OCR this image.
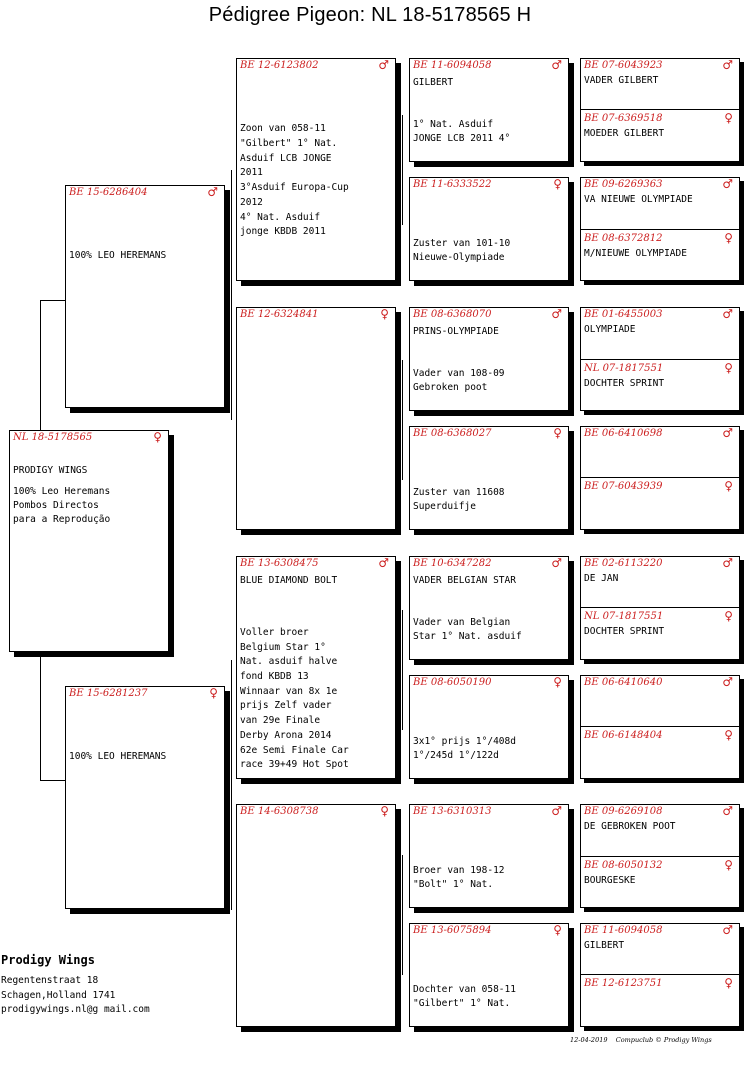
Pédigree Pigeon: NL 18-5178565 H
NL 18-5178565	♀
PRODIGY WINGS
100% Leo Heremans
Pombos Directos
para a Reprodução
BE 15-6286404	♂
100% LEO HEREMANS
BE 15-6281237	♀
100% LEO HEREMANS
BE 12-6123802	♂
Zoon van 058-11
"Gilbert" 1° Nat.
Asduif LCB JONGE
2011
3°Asduif Europa-Cup
2012
4° Nat. Asduif
jonge KBDB 2011
BE 12-6324841	♀
BE 13-6308475	♂
BLUE DIAMOND BOLT
Voller broer
Belgium Star 1°
Nat. asduif halve
fond KBDB 13
Winnaar van 8x 1e
prijs Zelf vader
van 29e Finale
Derby Arona 2014
62e Semi Finale Car
race 39+49 Hot Spot
BE 14-6308738	♀
BE 11-6094058	♂
GILBERT
1° Nat. Asduif
JONGE LCB 2011 4°
BE 11-6333522	♀
Zuster van 101-10
Nieuwe-Olympiade
BE 08-6368070	♂
PRINS-OLYMPIADE
Vader van 108-09
Gebroken poot
BE 08-6368027	♀
Zuster van 11608
Superduifje
BE 10-6347282	♂
VADER BELGIAN STAR
Vader van Belgian
Star 1° Nat. asduif
BE 08-6050190	♀
3x1° prijs 1°/408d
1°/245d 1°/122d
BE 13-6310313	♂
Broer van 198-12
"Bolt" 1° Nat.
BE 13-6075894	♀
Dochter van 058-11
"Gilbert" 1° Nat.
BE 07-6043923	♂
VADER GILBERT
BE 07-6369518	♀
MOEDER GILBERT
BE 09-6269363	♂
VA NIEUWE OLYMPIADE
BE 08-6372812	♀
M/NIEUWE OLYMPIADE
BE 01-6455003	♂
OLYMPIADE
NL 07-1817551	♀
DOCHTER SPRINT
BE 06-6410698	♂
BE 07-6043939	♀
BE 02-6113220	♂
DE JAN
NL 07-1817551	♀
DOCHTER SPRINT
BE 06-6410640	♂
BE 06-6148404	♀
BE 09-6269108	♂
DE GEBROKEN POOT
BE 08-6050132	♀
BOURGESKE
BE 11-6094058	♂
GILBERT
BE 12-6123751	♀
Prodigy Wings
Regentenstraat 18
Schagen,Holland 1741
prodigywings.nl@g mail.com
12-04-2019    Compuclub © Prodigy Wings
